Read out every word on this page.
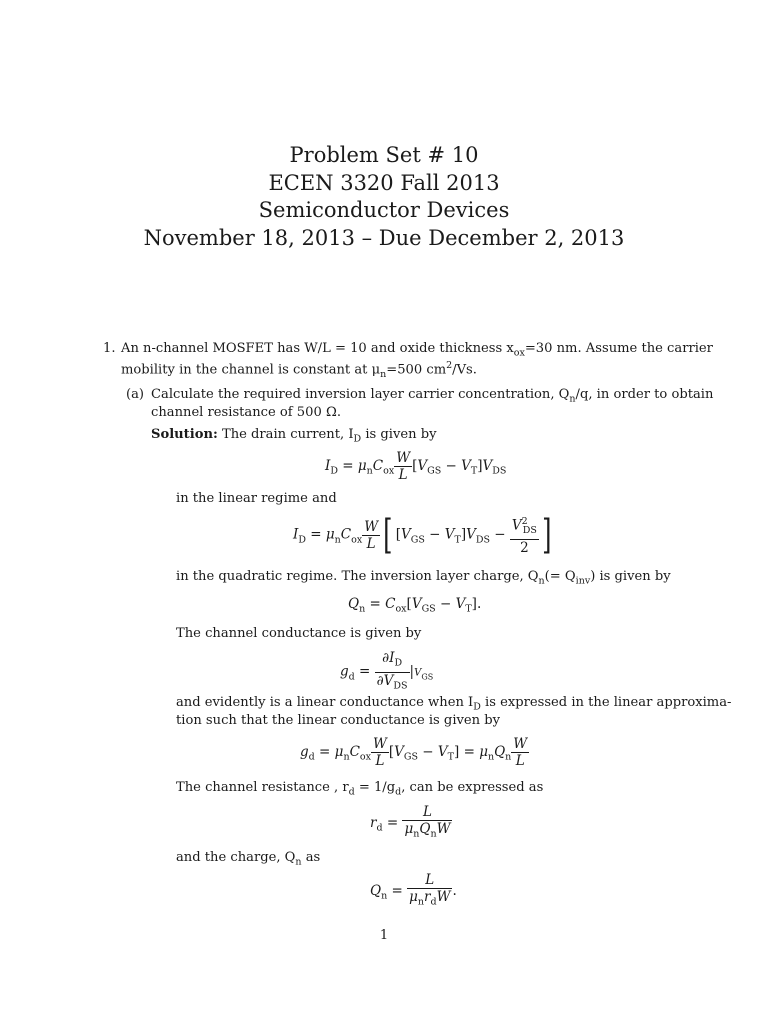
Problem Set # 10
ECEN 3320 Fall 2013
Semiconductor Devices
November 18, 2013 – Due December 2, 2013
1. An n-channel MOSFET has W/L = 10 and oxide thickness $x_{ox}=30$ nm. Assume the carrier
mobility in the channel is constant at $\mu_n=500$ $cm^2/Vs$.
(a) Calculate the required inversion layer carrier concentration, $Q_n/q$, in order to obtain
channel resistance of 500 Ω.
Solution: The drain current, $I_D$ is given by
$I_D = \mu_nC_{ox} \frac{W}{L} [V_{GS} - V_T]V_{DS}$
in the linear regime and
$I_D = \mu_nC_{ox} \frac{W}{L}$ [ $[V_{GS} - V_T]V_{DS} - \frac{V^2_{DS}}{2}$ ]
in the quadratic regime. The inversion layer charge, $Q_n(= Q_{inv})$ is given by
$Q_n = C_{ox}[V_{GS} - V_T]$.
The channel conductance is given by
$g_d = \frac{\partial I_D}{\partial V_{DS}} |V_{GS}$
and evidently is a linear conductance when $I_D$ is expressed in the linear approxima-
tion such that the linear conductance is given by
$g_d = \mu_nC_{ox} \frac{W}{L} [V_{GS} - V_T] = \mu_nQ_n \frac{W}{L}$
The channel resistance , $r_d = 1/g_d$, can be expressed as
$r_d = \frac{L}{\mu_nQ_nW}$
and the charge, $Q_n$ as
$Q_n = \frac{L}{\mu_nr_dW}$ .
1
